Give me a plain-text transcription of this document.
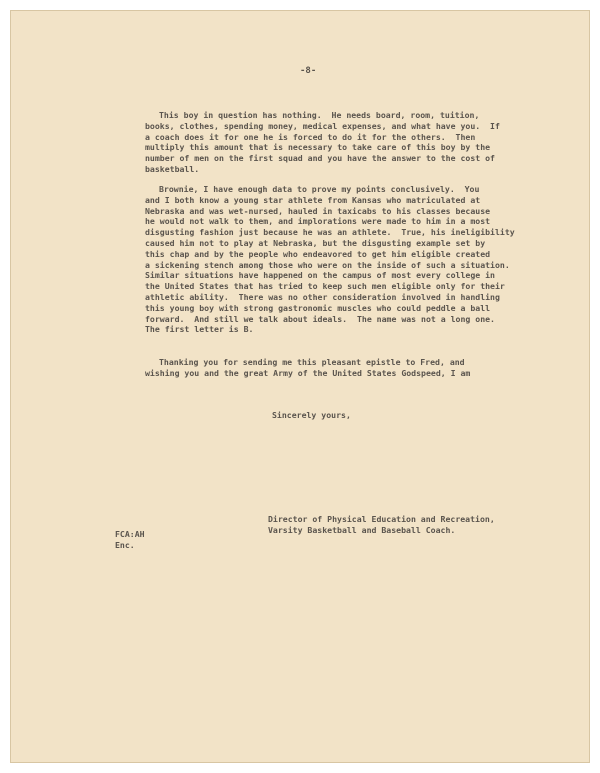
-8-
This boy in question has nothing.  He needs board, room, tuition,
books, clothes, spending money, medical expenses, and what have you.  If
a coach does it for one he is forced to do it for the others.  Then
multiply this amount that is necessary to take care of this boy by the
number of men on the first squad and you have the answer to the cost of
basketball.
Brownie, I have enough data to prove my points conclusively.  You
and I both know a young star athlete from Kansas who matriculated at
Nebraska and was wet-nursed, hauled in taxicabs to his classes because
he would not walk to them, and implorations were made to him in a most
disgusting fashion just because he was an athlete.  True, his ineligibility
caused him not to play at Nebraska, but the disgusting example set by
this chap and by the people who endeavored to get him eligible created
a sickening stench among those who were on the inside of such a situation.
Similar situations have happened on the campus of most every college in
the United States that has tried to keep such men eligible only for their
athletic ability.  There was no other consideration involved in handling
this young boy with strong gastronomic muscles who could peddle a ball
forward.  And still we talk about ideals.  The name was not a long one.
The first letter is B.
Thanking you for sending me this pleasant epistle to Fred, and
wishing you and the great Army of the United States Godspeed, I am
Sincerely yours,
Director of Physical Education and Recreation,
Varsity Basketball and Baseball Coach.
FCA:AH
Enc.
